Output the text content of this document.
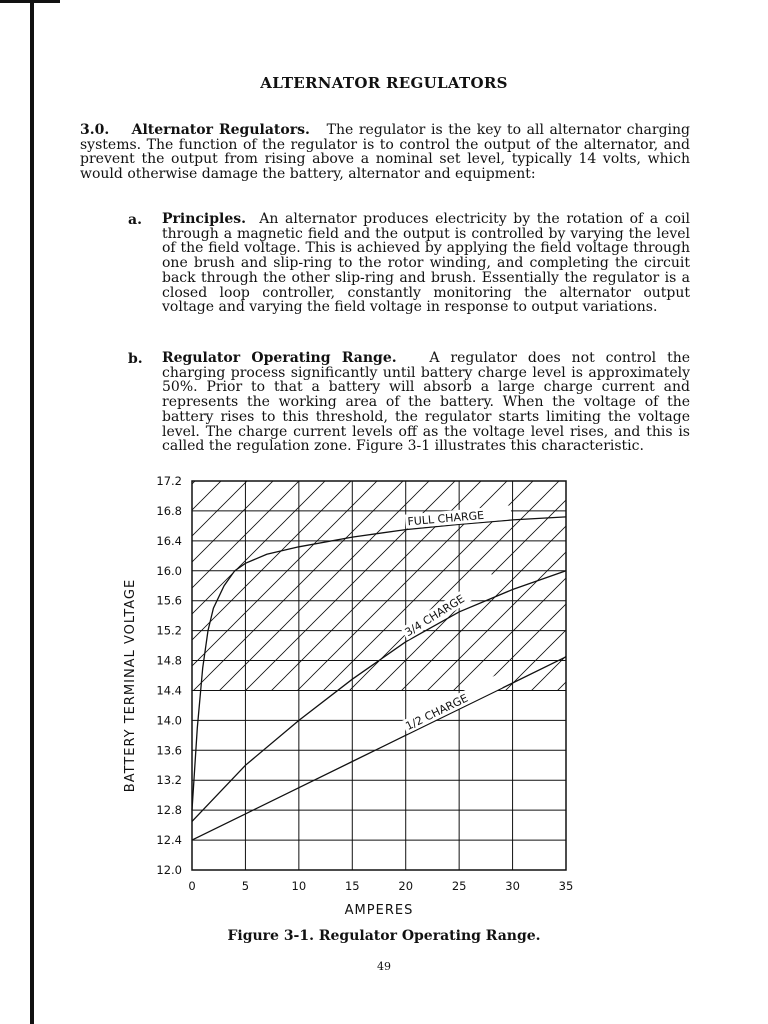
ALTERNATOR REGULATORS
3.0. Alternator Regulators. The regulator is the key to all alternator charging systems. The function of the regulator is to control the output of the alternator, and prevent the output from rising above a nominal set level, typically 14 volts, which would otherwise damage the battery, alternator and equipment:
a. Principles. An alternator produces electricity by the rotation of a coil through a magnetic field and the output is controlled by varying the level of the field voltage. This is achieved by applying the field voltage through one brush and slip-ring to the rotor winding, and completing the circuit back through the other slip-ring and brush. Essentially the regulator is a closed loop controller, constantly monitoring the alternator output voltage and varying the field voltage in response to output variations.
b. Regulator Operating Range. A regulator does not control the charging process significantly until battery charge level is approximately 50%. Prior to that a battery will absorb a large charge current and represents the working area of the battery. When the voltage of the battery rises to this threshold, the regulator starts limiting the voltage level. The charge current levels off as the voltage level rises, and this is called the regulation zone. Figure 3-1 illustrates this characteristic.
0	5	10	15	20	25	30	35
12.0
12.4
12.8
13.2
13.6
14.0
14.4
14.8
15.2
15.6
16.0
16.4
16.8
17.2
AMPERES
BATTERY TERMINAL VOLTAGE
FULL CHARGE
3/4 CHARGE
1/2 CHARGE
Figure 3-1. Regulator Operating Range.
49
